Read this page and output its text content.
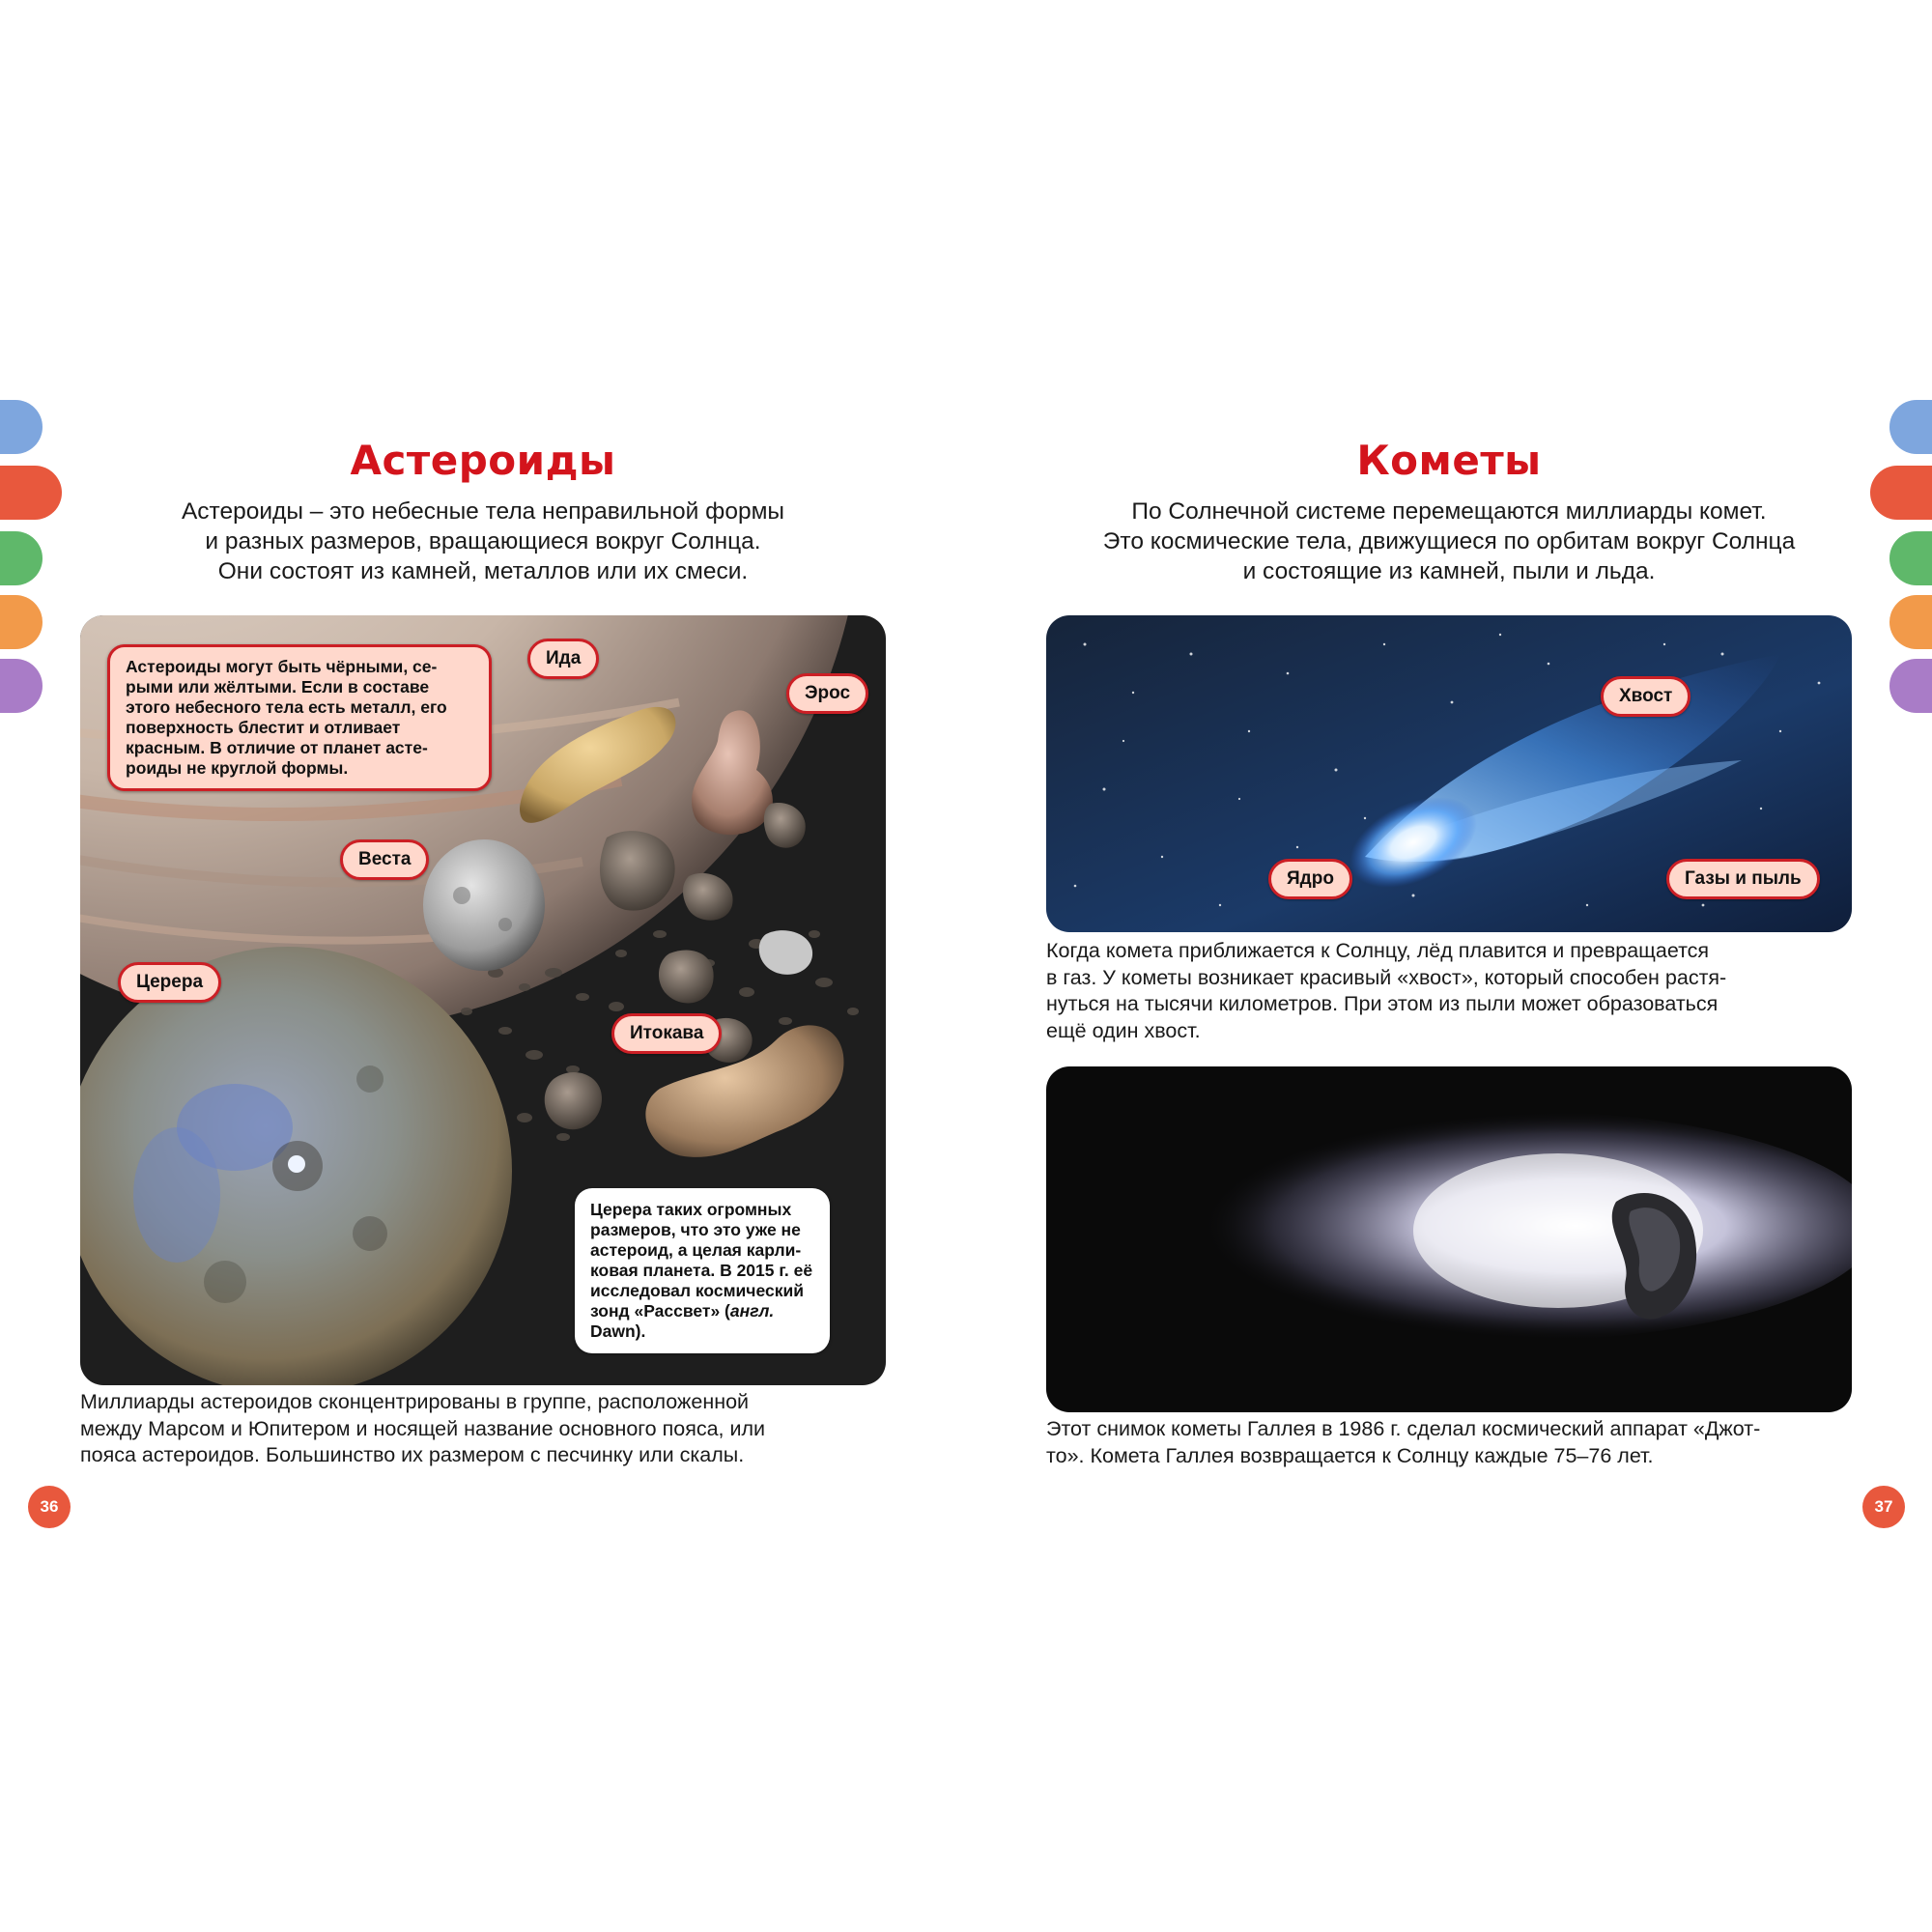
Астероиды

Астероиды – это небесные тела неправильной формы
и разных размеров, вращающиеся вокруг Солнца.
Они состоят из камней, металлов или их смеси.

Астероиды могут быть чёрными, серыми или жёлтыми. Если в составе этого небесного тела есть металл, его поверхность блестит и отливает красным. В отличие от планет астероиды не круглой формы.
Ида
Эрос
Веста
Церера
Итокава
Церера таких огромных размеров, что это уже не астероид, а целая карликовая планета. В 2015 г. её исследовал космический зонд «Рассвет» (англ. Dawn).

Миллиарды астероидов сконцентрированы в группе, расположенной
между Марсом и Юпитером и носящей название основного пояса, или
пояса астероидов. Большинство их размером с песчинку или скалы.

36
Кометы

По Солнечной системе перемещаются миллиарды комет.
Это космические тела, движущиеся по орбитам вокруг Солнца
и состоящие из камней, пыли и льда.

Хвост
Ядро	Газы и пыль

Когда комета приближается к Солнцу, лёд плавится и превращается
в газ. У кометы возникает красивый «хвост», который способен растя-
нуться на тысячи километров. При этом из пыли может образоваться
ещё один хвост.

Этот снимок кометы Галлея в 1986 г. сделал космический аппарат «Джот-
то». Комета Галлея возвращается к Солнцу каждые 75–76 лет.

37
